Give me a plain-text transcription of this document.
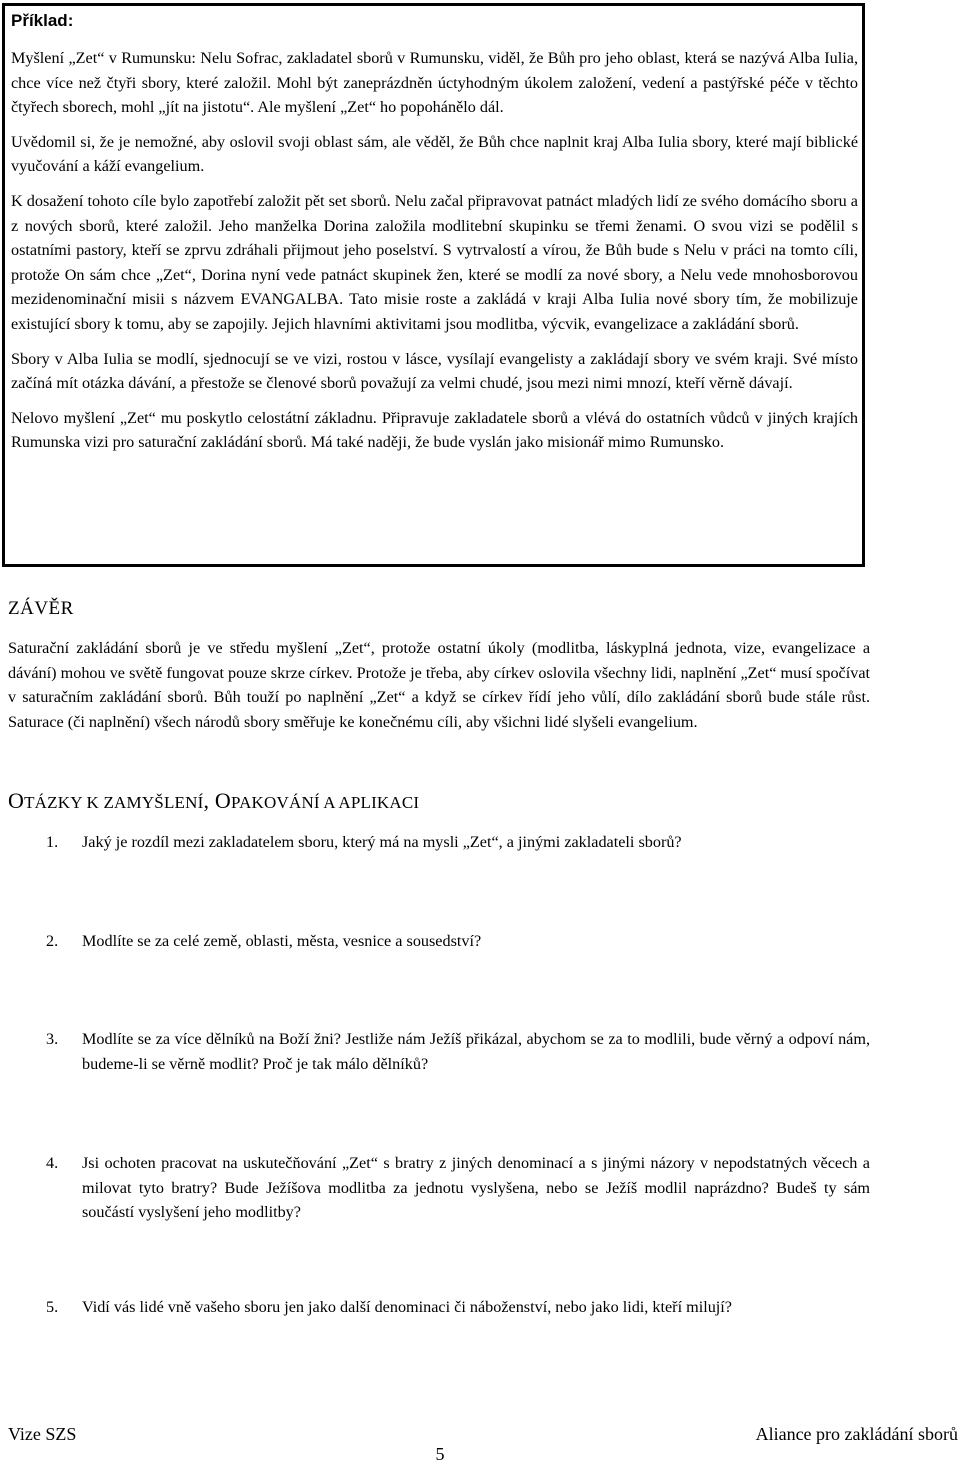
Příklad:

Myšlení „Zet“ v Rumunsku: Nelu Sofrac, zakladatel sborů v Rumunsku, viděl, že Bůh pro jeho oblast, která se nazývá Alba Iulia, chce více než čtyři sbory, které založil. Mohl být zaneprázdněn úctyhodným úkolem založení, vedení a pastýřské péče v těchto čtyřech sborech, mohl „jít na jistotu“. Ale myšlení „Zet“ ho popohánělo dál.

Uvědomil si, že je nemožné, aby oslovil svoji oblast sám, ale věděl, že Bůh chce naplnit kraj Alba Iulia sbory, které mají biblické vyučování a káží evangelium.

K dosažení tohoto cíle bylo zapotřebí založit pět set sborů. Nelu začal připravovat patnáct mladých lidí ze svého domácího sboru a z nových sborů, které založil. Jeho manželka Dorina založila modlitební skupinku se třemi ženami. O svou vizi se podělil s ostatními pastory, kteří se zprvu zdráhali přijmout jeho poselství. S vytrvalostí a vírou, že Bůh bude s Nelu v práci na tomto cíli, protože On sám chce „Zet“, Dorina nyní vede patnáct skupinek žen, které se modlí za nové sbory, a Nelu vede mnohosborovou mezidenominační misii s názvem EVANGALBA. Tato misie roste a zakládá v kraji Alba Iulia nové sbory tím, že mobilizuje existující sbory k tomu, aby se zapojily. Jejich hlavními aktivitami jsou modlitba, výcvik, evangelizace a zakládání sborů.

Sbory v Alba Iulia se modlí, sjednocují se ve vizi, rostou v lásce, vysílají evangelisty a zakládají sbory ve svém kraji. Své místo začíná mít otázka dávání, a přestože se členové sborů považují za velmi chudé, jsou mezi nimi mnozí, kteří věrně dávají.

Nelovo myšlení „Zet“ mu poskytlo celostátní základnu. Připravuje zakladatele sborů a vlévá do ostatních vůdců v jiných krajích Rumunska vizi pro saturační zakládání sborů. Má také naději, že bude vyslán jako misionář mimo Rumunsko.

ZÁVĚR

Saturační zakládání sborů je ve středu myšlení „Zet“, protože ostatní úkoly (modlitba, láskyplná jednota, vize, evangelizace a dávání) mohou ve světě fungovat pouze skrze církev. Protože je třeba, aby církev oslovila všechny lidi, naplnění „Zet“ musí spočívat v saturačním zakládání sborů. Bůh touží po naplnění „Zet“ a když se církev řídí jeho vůlí, dílo zakládání sborů bude stále růst. Saturace (či naplnění) všech národů sbory směřuje ke konečnému cíli, aby všichni lidé slyšeli evangelium.

OTÁZKY K ZAMYŠLENÍ, OPAKOVÁNÍ A APLIKACI
1.	Jaký je rozdíl mezi zakladatelem sboru, který má na mysli „Zet“, a jinými zakladateli sborů?
2.	Modlíte se za celé země, oblasti, města, vesnice a sousedství?
3.	Modlíte se za více dělníků na Boží žni? Jestliže nám Ježíš přikázal, abychom se za to modlili, bude věrný a odpoví nám, budeme-li se věrně modlit? Proč je tak málo dělníků?
4.	Jsi ochoten pracovat na uskutečňování „Zet“ s bratry z jiných denominací a s jinými názory v nepodstatných věcech a milovat tyto bratry? Bude Ježíšova modlitba za jednotu vyslyšena, nebo se Ježíš modlil naprázdno? Budeš ty sám součástí vyslyšení jeho modlitby?
5.	Vidí vás lidé vně vašeho sboru jen jako další denominaci či náboženství, nebo jako lidi, kteří milují?
Vize SZS	Aliance pro zakládání sborů
5
